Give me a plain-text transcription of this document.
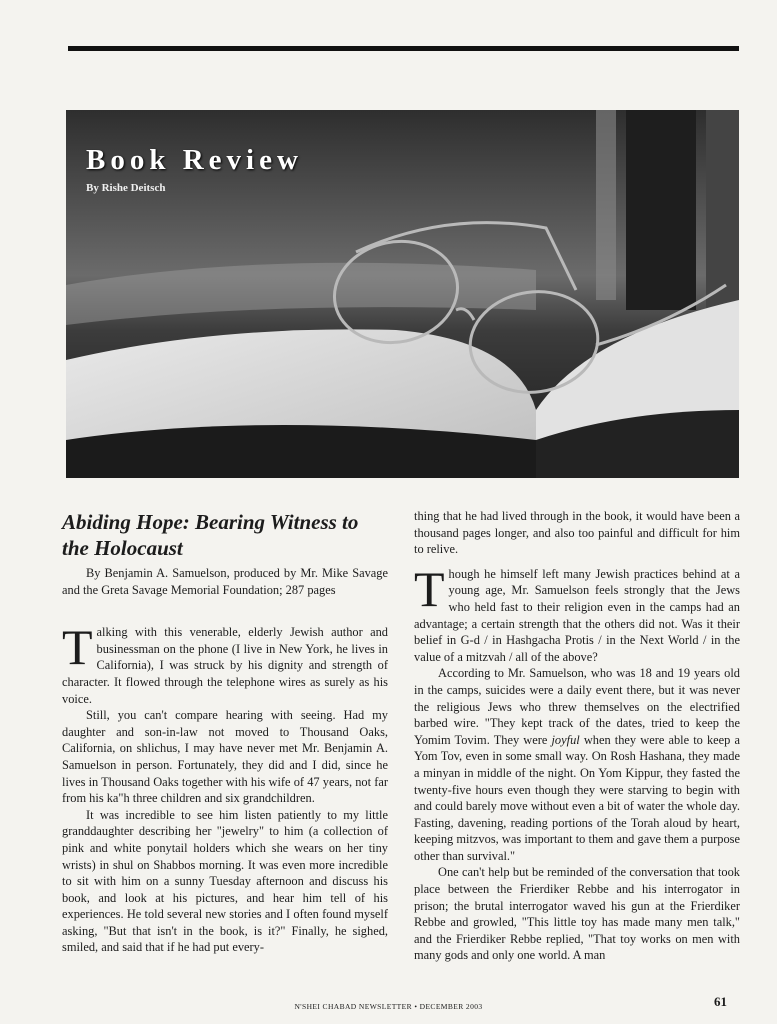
Book Review
By Rishe Deitsch
Abiding Hope: Bearing Witness to the Holocaust

By Benjamin A. Samuelson, produced by Mr. Mike Savage and the Greta Savage Memorial Foundation; 287 pages

Talking with this venerable, elderly Jewish author and businessman on the phone (I live in New York, he lives in California), I was struck by his dignity and strength of character. It flowed through the telephone wires as surely as his voice.

Still, you can't compare hearing with seeing. Had my daughter and son-in-law not moved to Thousand Oaks, California, on shlichus, I may have never met Mr. Benjamin A. Samuelson in person. Fortunately, they did and I did, since he lives in Thousand Oaks together with his wife of 47 years, not far from his ka"h three children and six grandchildren.

It was incredible to see him listen patiently to my little granddaughter describing her "jewelry" to him (a collection of pink and white ponytail holders which she wears on her tiny wrists) in shul on Shabbos morning. It was even more incredible to sit with him on a sunny Tuesday afternoon and discuss his book, and look at his pictures, and hear him tell of his experiences. He told several new stories and I often found myself asking, "But that isn't in the book, is it?" Finally, he sighed, smiled, and said that if he had put every-

thing that he had lived through in the book, it would have been a thousand pages longer, and also too painful and difficult for him to relive.

Though he himself left many Jewish practices behind at a young age, Mr. Samuelson feels strongly that the Jews who held fast to their religion even in the camps had an advantage; a certain strength that the others did not. Was it their belief in G-d / in Hashgacha Protis / in the Next World / in the value of a mitzvah / all of the above?

According to Mr. Samuelson, who was 18 and 19 years old in the camps, suicides were a daily event there, but it was never the religious Jews who threw themselves on the electrified barbed wire. "They kept track of the dates, tried to keep the Yomim Tovim. They were joyful when they were able to keep a Yom Tov, even in some small way. On Rosh Hashana, they made a minyan in middle of the night. On Yom Kippur, they fasted the twenty-five hours even though they were starving to begin with and could barely move without even a bit of water the whole day. Fasting, davening, reading portions of the Torah aloud by heart, keeping mitzvos, was important to them and gave them a purpose other than survival."

One can't help but be reminded of the conversation that took place between the Frierdiker Rebbe and his interrogator in prison; the brutal interrogator waved his gun at the Frierdiker Rebbe and growled, "This little toy has made many men talk," and the Frierdiker Rebbe replied, "That toy works on men with many gods and only one world. A man

N'SHEI CHABAD NEWSLETTER • DECEMBER 2003	61
